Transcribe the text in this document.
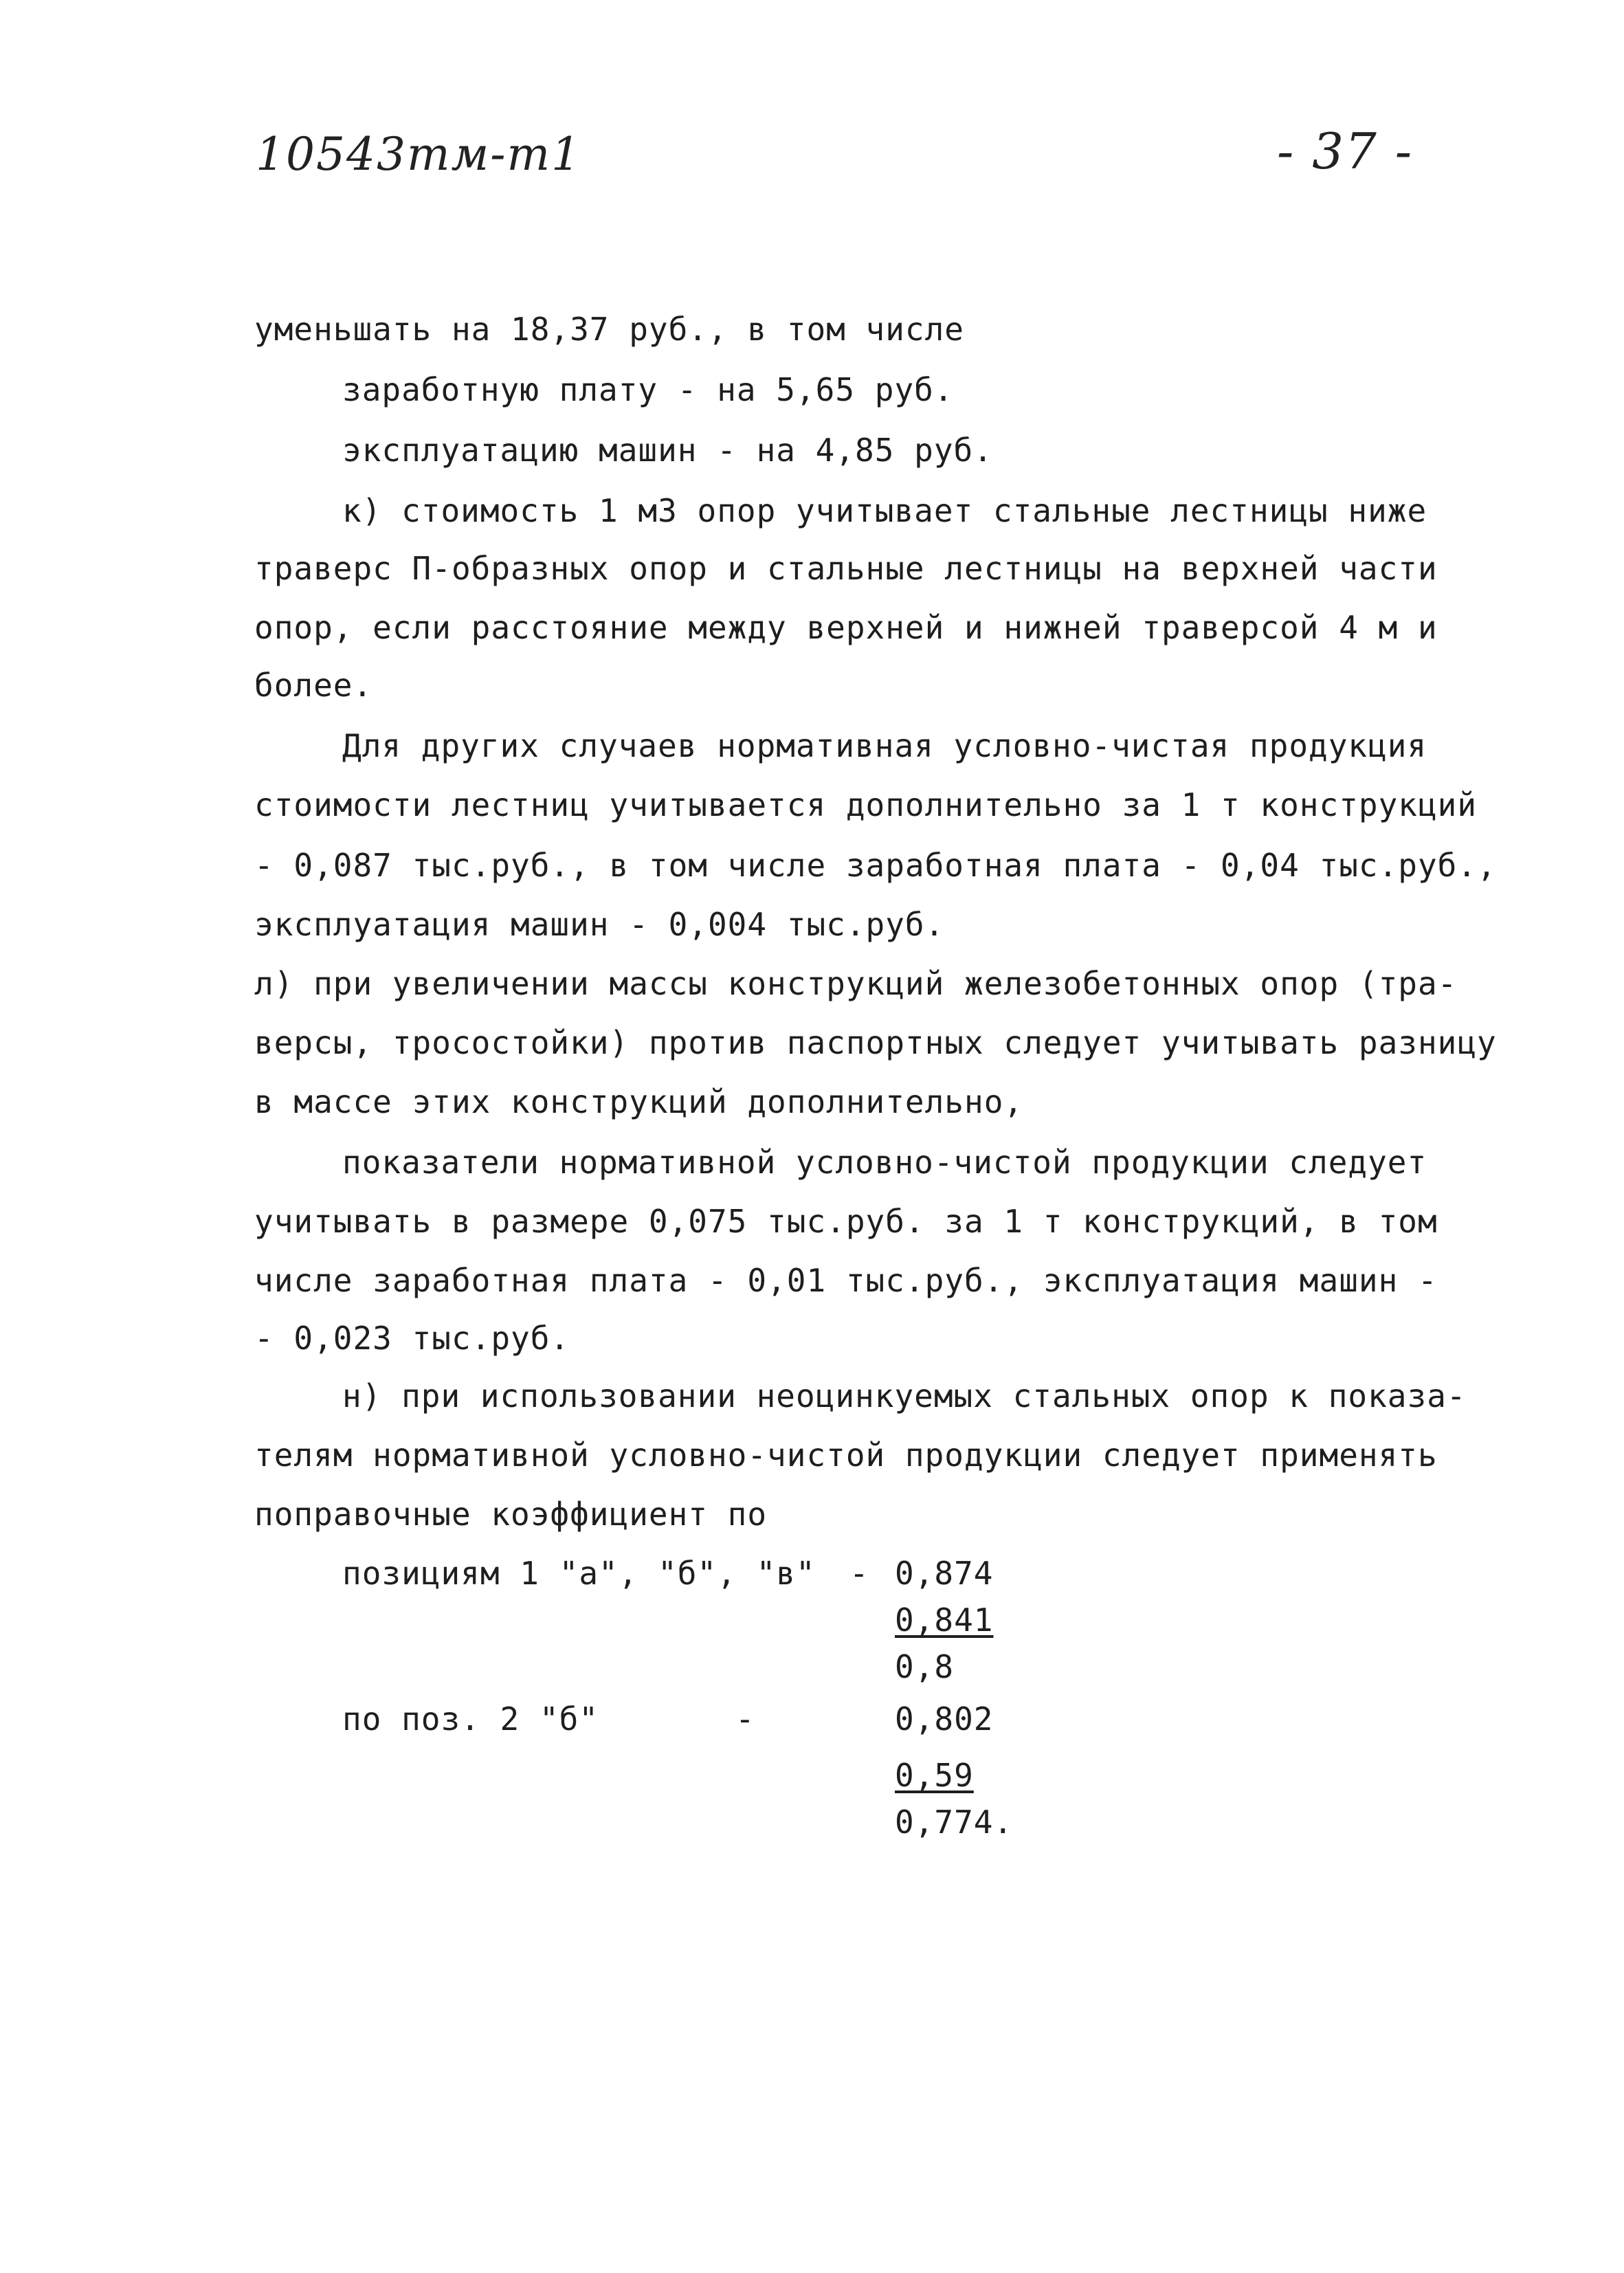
10543тм-т1	- 37 -
уменьшать на 18,37 руб., в том числе
заработную плату - на 5,65 руб.
эксплуатацию машин - на 4,85 руб.
к) стоимость 1 м3 опор учитывает стальные лестницы ниже
траверс П-образных опор и стальные лестницы на верхней части
опор, если расстояние между верхней и нижней траверсой 4 м и
более.
Для других случаев нормативная условно-чистая продукция
стоимости лестниц учитывается дополнительно за 1 т конструкций
- 0,087 тыс.руб., в том числе заработная плата - 0,04 тыс.руб.,
эксплуатация машин - 0,004 тыс.руб.
л) при увеличении массы конструкций железобетонных опор (тра-
версы, тросостойки) против паспортных следует учитывать разницу
в массе этих конструкций дополнительно,
показатели нормативной условно-чистой продукции следует
учитывать в размере 0,075 тыс.руб. за 1 т конструкций, в том
числе заработная плата - 0,01 тыс.руб., эксплуатация машин -
- 0,023 тыс.руб.
н) при использовании неоцинкуемых стальных опор к показа-
телям нормативной условно-чистой продукции следует применять
поправочные коэффициент по
позициям 1 "а", "б", "в" - 0,874
0,841
0,8
по поз. 2 "б"	-	0,802
0,59
0,774.
